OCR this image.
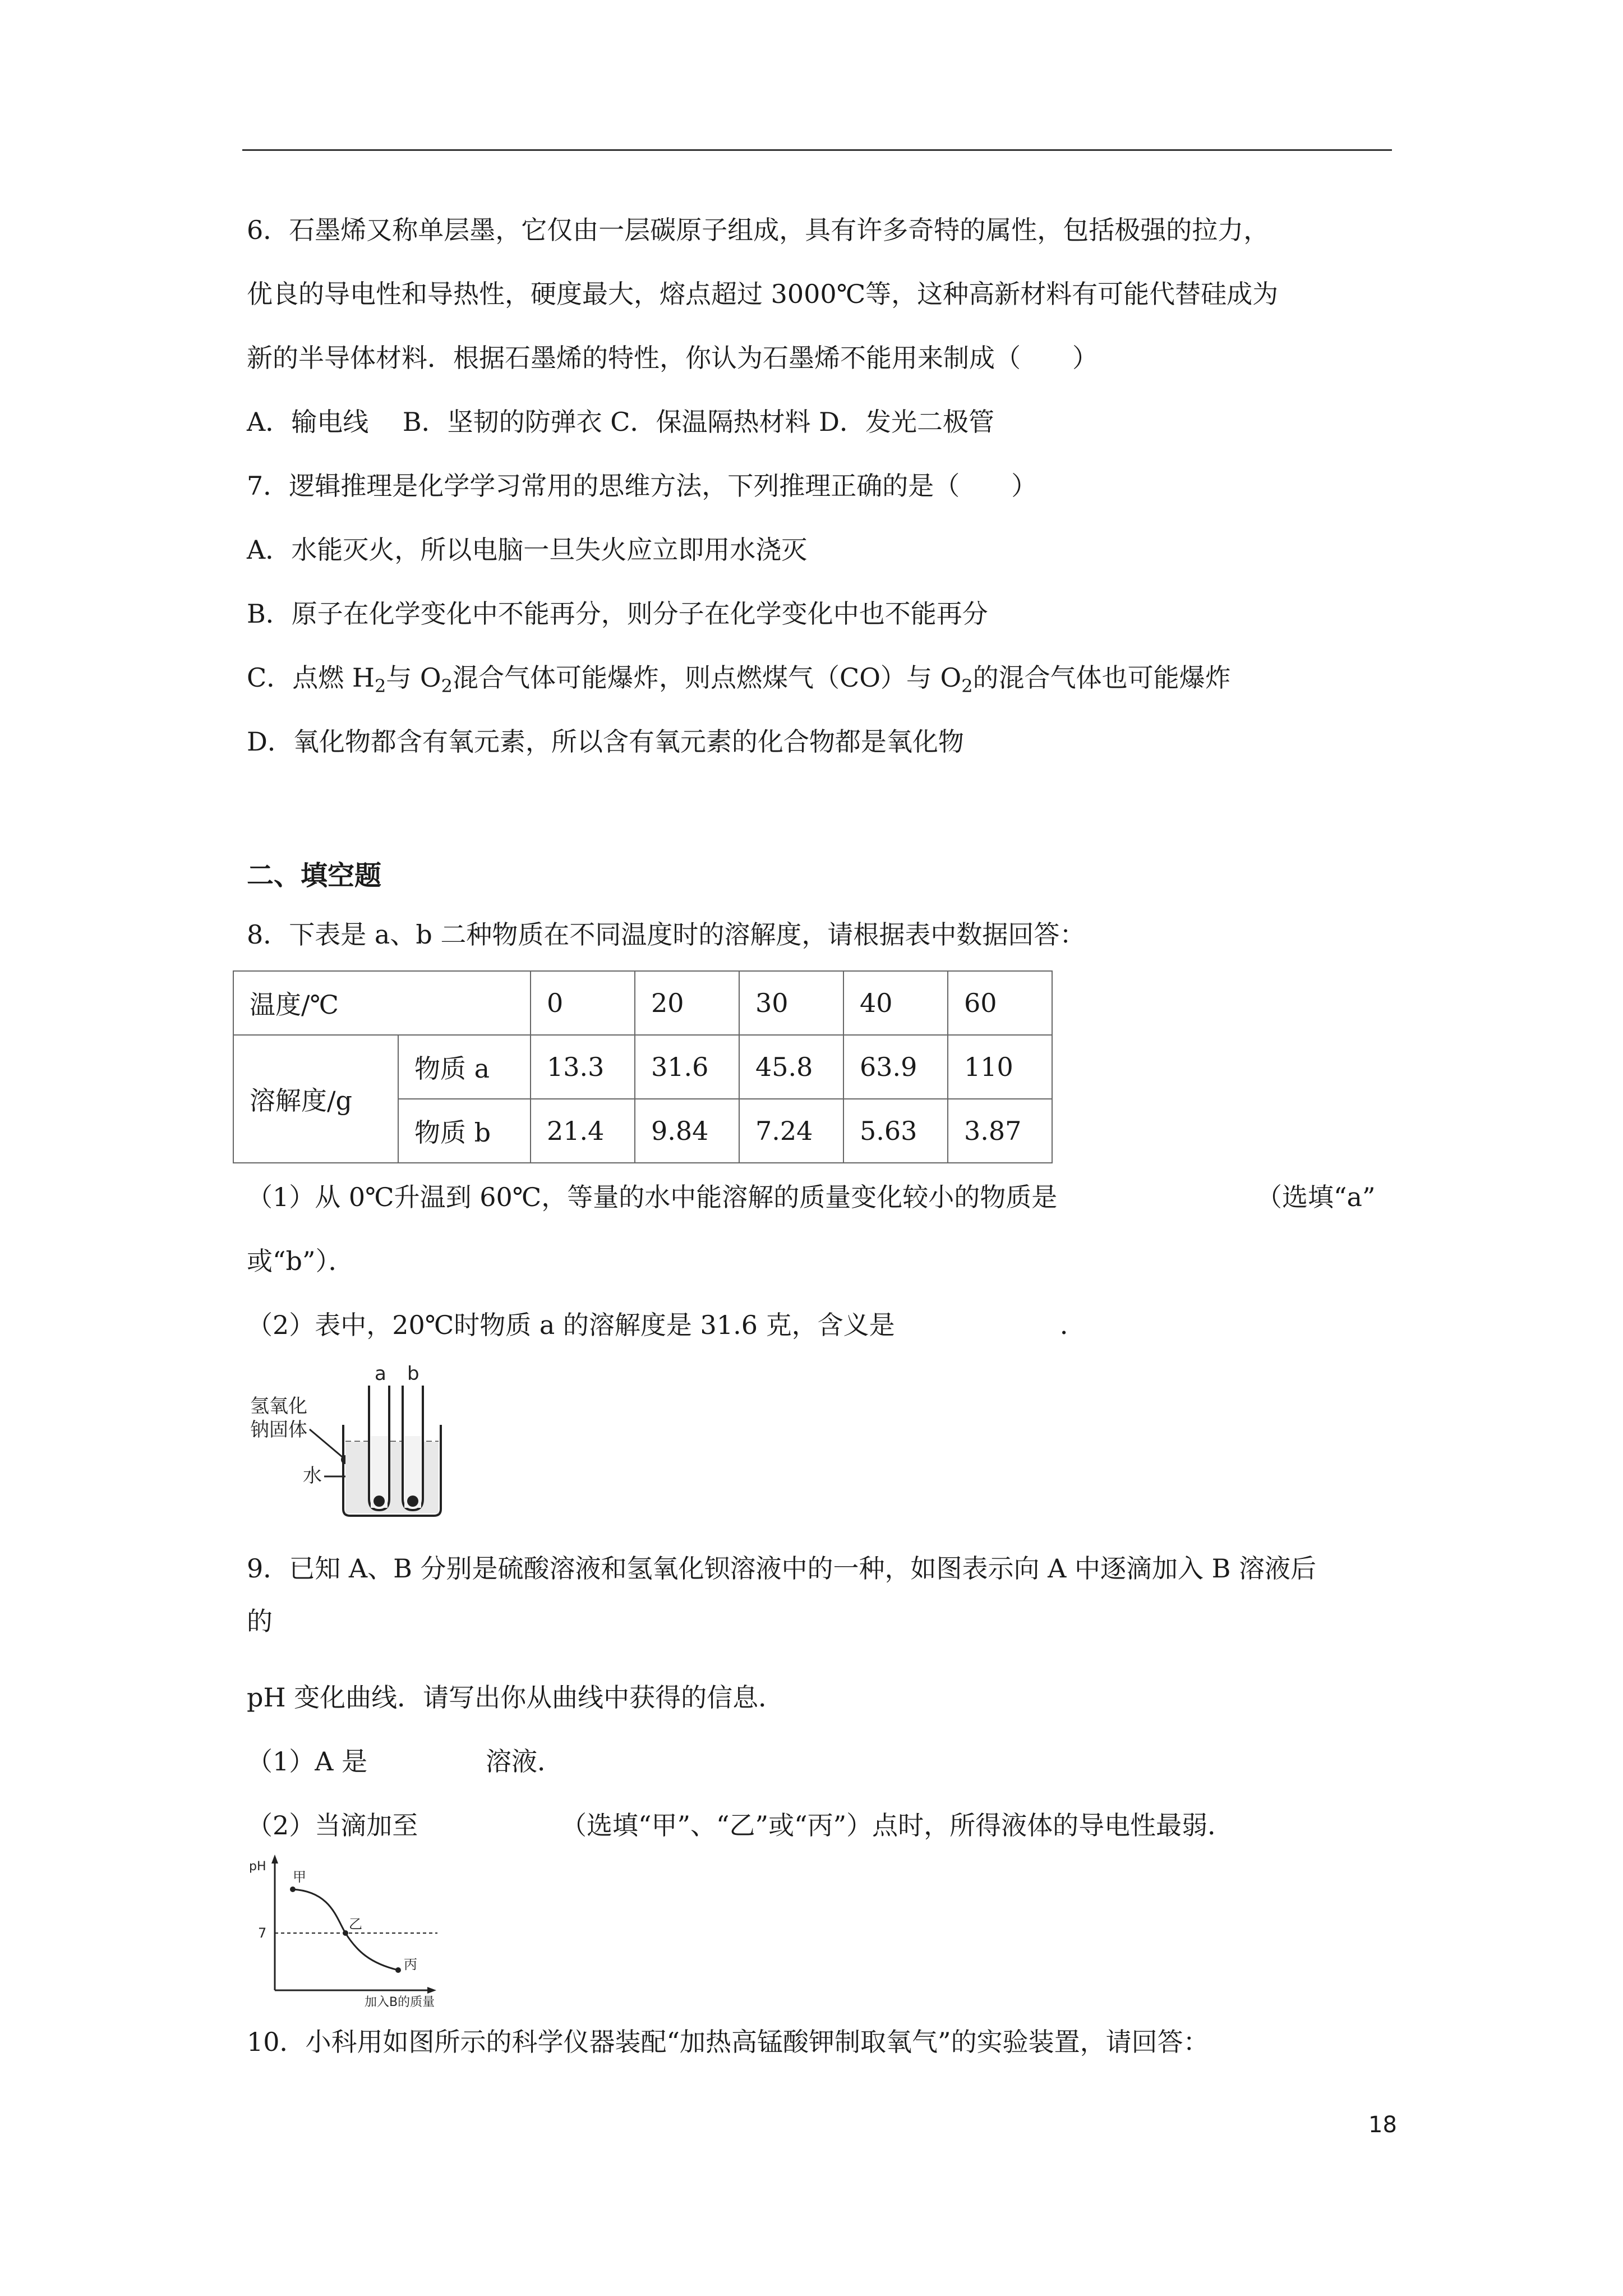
6．石墨烯又称单层墨，它仅由一层碳原子组成，具有许多奇特的属性，包括极强的拉力，
优良的导电性和导热性，硬度最大，熔点超过 3000℃等，这种高新材料有可能代替硅成为
新的半导体材料．根据石墨烯的特性，你认为石墨烯不能用来制成（　　）
A．输电线　 B．坚韧的防弹衣 C．保温隔热材料 D．发光二极管
7．逻辑推理是化学学习常用的思维方法，下列推理正确的是（　　）
A．水能灭火，所以电脑一旦失火应立即用水浇灭
B．原子在化学变化中不能再分，则分子在化学变化中也不能再分
C．点燃 $H_2$与 $O_2$混合气体可能爆炸，则点燃煤气（CO）与 $O_2$的混合气体也可能爆炸
D．氧化物都含有氧元素，所以含有氧元素的化合物都是氧化物
二、填空题
8．下表是 a、b 二种物质在不同温度时的溶解度，请根据表中数据回答：
温度/℃		0	20	30	40	60
溶解度/g	物质 a	13.3	31.6	45.8	63.9	110
	物质 b	21.4	9.84	7.24	5.63	3.87
（1）从 0℃升温到 60℃，等量的水中能溶解的质量变化较小的物质是	（选填“a”
或“b”）．
（2）表中，20℃时物质 a 的溶解度是 31.6 克，含义是	．
a b
氢氧化
钠固体
水
9．已知 A、B 分别是硫酸溶液和氢氧化钡溶液中的一种，如图表示向 A 中逐滴加入 B 溶液后
的
pH 变化曲线．请写出你从曲线中获得的信息．
（1）A 是	溶液．
（2）当滴加至	（选填“甲”、“乙”或“丙”）点时，所得液体的导电性最弱．
pH
7
甲
乙
丙
加入B的质量
10．小科用如图所示的科学仪器装配“加热高锰酸钾制取氧气”的实验装置，请回答：
18
